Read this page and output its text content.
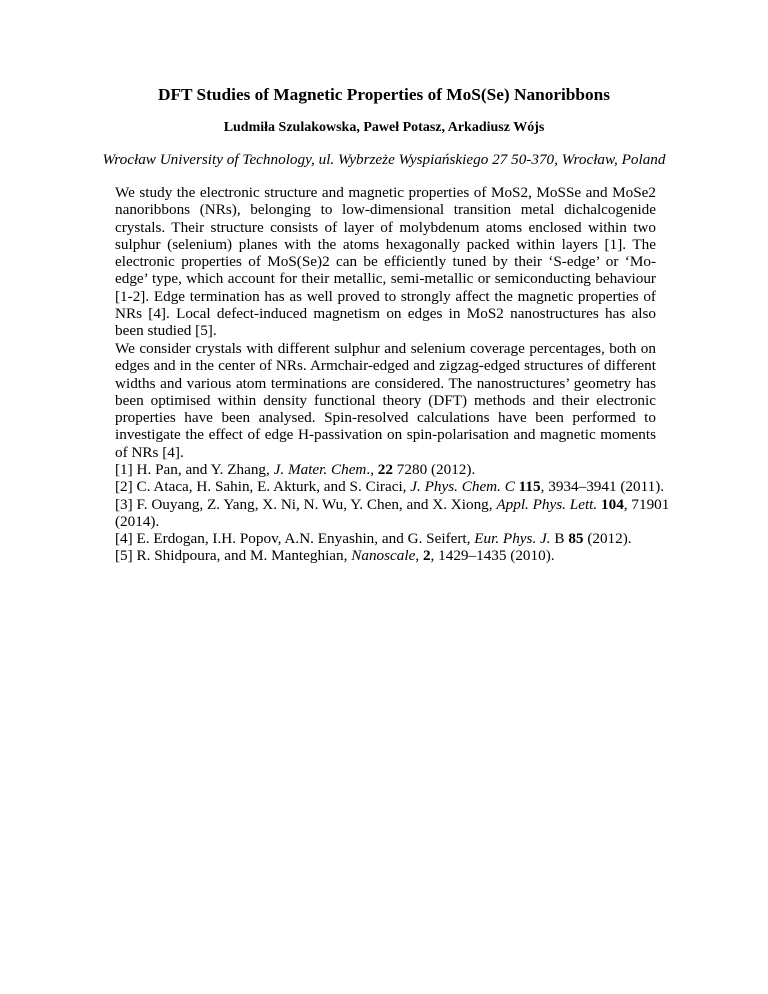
DFT Studies of Magnetic Properties of MoS(Se) Nanoribbons
Ludmiła Szulakowska, Paweł Potasz, Arkadiusz Wójs
Wrocław University of Technology, ul. Wybrzeże Wyspiańskiego 27 50-370, Wrocław, Poland
We study the electronic structure and magnetic properties of MoS2, MoSSe and MoSe2 nanoribbons (NRs), belonging to low-dimensional transition metal dichalcogenide crystals. Their structure consists of layer of molybdenum atoms enclosed within two sulphur (selenium) planes with the atoms hexagonally packed within layers [1]. The electronic properties of MoS(Se)2 can be efficiently tuned by their ‘S-edge’ or ‘Mo-edge’ type, which account for their metallic, semi-metallic or semiconducting behaviour [1-2]. Edge termination has as well proved to strongly affect the magnetic properties of NRs [4]. Local defect-induced magnetism on edges in MoS2 nanostructures has also been studied [5].
We consider crystals with different sulphur and selenium coverage percentages, both on edges and in the center of NRs. Armchair-edged and zigzag-edged structures of different widths and various atom terminations are considered. The nanostructures’ geometry has been optimised within density functional theory (DFT) methods and their electronic properties have been analysed. Spin-resolved calculations have been performed to investigate the effect of edge H-passivation on spin-polarisation and magnetic moments of NRs [4].

[1] H. Pan, and Y. Zhang, J. Mater. Chem., 22 7280 (2012).

[2] C. Ataca, H. Sahin, E. Akturk, and S. Ciraci, J. Phys. Chem. C 115, 3934–3941 (2011).

[3] F. Ouyang, Z. Yang, X. Ni, N. Wu, Y. Chen, and X. Xiong, Appl. Phys. Lett. 104, 71901 (2014).

[4] E. Erdogan, I.H. Popov, A.N. Enyashin, and G. Seifert, Eur. Phys. J. B 85 (2012).

[5] R. Shidpoura, and M. Manteghian, Nanoscale, 2, 1429–1435 (2010).
